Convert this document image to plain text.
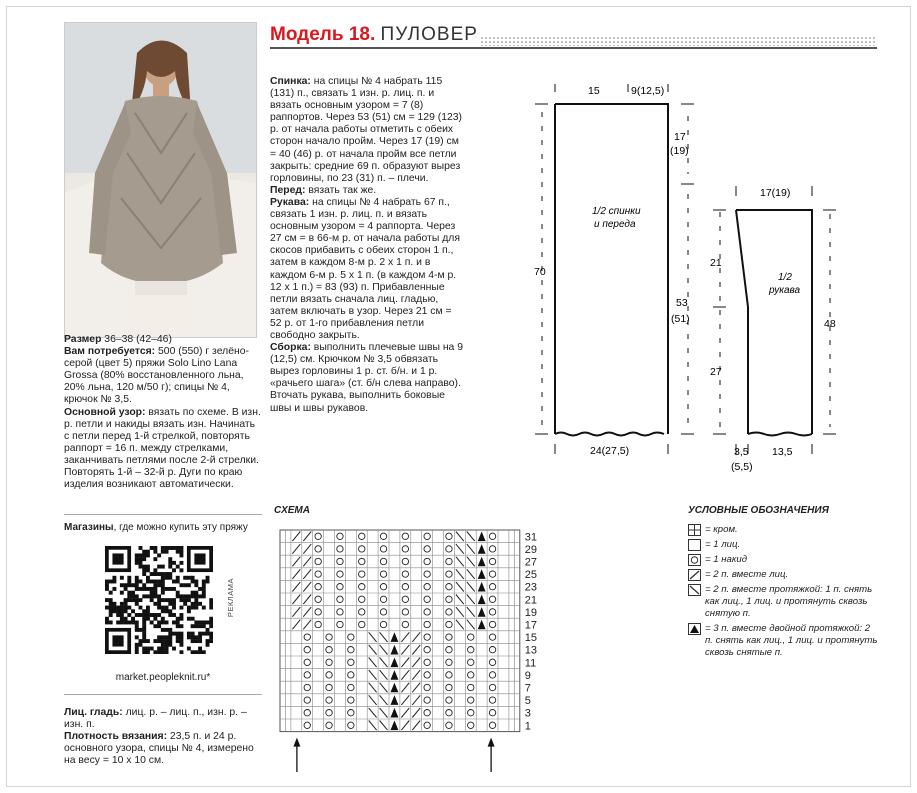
Модель 18. ПУЛОВЕР

Размер 36–38 (42–46)

Вам потребуется: 500 (550) г зелёно-серой (цвет 5) пряжи Solo Lino Lana Grossa (80% восстановленного льна, 20% льна, 120 м/50 г); спицы № 4, крючок № 3,5.

Основной узор: вязать по схеме. В изн. р. петли и накиды вязать изн. Начинать с петли перед 1-й стрелкой, повторять раппорт = 16 п. между стрелками, заканчивать петлями после 2-й стрелки. Повторять 1-й – 32-й р. Дуги по краю изделия возникают автоматически.

Магазины, где можно купить эту пряжу
РЕКЛАМА
market.peopleknit.ru*

Лиц. гладь: лиц. р. – лиц. п., изн. р. – изн. п.

Плотность вязания: 23,5 п. и 24 р. основного узора, спицы № 4, измерено на весу = 10 х 10 см.

Спинка: на спицы № 4 набрать 115 (131) п., связать 1 изн. р. лиц. п. и вязать основным узором = 7 (8) раппортов. Через 53 (51) см = 129 (123) р. от начала работы отметить с обеих сторон начало пройм. Через 17 (19) см = 40 (46) р. от начала пройм все петли закрыть: средние 69 п. образуют вырез горловины, по 23 (31) п. – плечи.

Перед: вязать так же.

Рукава: на спицы № 4 набрать 67 п., связать 1 изн. р. лиц. п. и вязать основным узором = 4 раппорта. Через 27 см = в 66-м р. от начала работы для скосов прибавить с обеих сторон 1 п., затем в каждом 8-м р. 2 х 1 п. и в каждом 6-м р. 5 х 1 п. (в каждом 4-м р. 12 х 1 п.) = 83 (93) п. Прибавленные петли вязать сначала лиц. гладью, затем включать в узор. Через 21 см = 52 р. от 1-го прибавления петли свободно закрыть.

Сборка: выполнить плечевые швы на 9 (12,5) см. Крючком № 3,5 обвязать вырез горловины 1 р. ст. б/н. и 1 р. «рачьего шага» (ст. б/н слева направо). Вточать рукава, выполнить боковые швы и швы рукавов.

15	9(12,5)
17
(19)
70
53
(51)
24(27,5)
1/2 спинки
и переда
17(19)
21
27
48
3,5
(5,5)
13,5
1/2
рукава
СХЕМА
31
29
27
25
23
21
19
17
15
13
11
9
7
5
3
1
УСЛОВНЫЕ ОБОЗНАЧЕНИЯ
= кром.
= 1 лиц.
= 1 накид
= 2 п. вместе лиц.
= 2 п. вместе протяжкой: 1 п. снять как лиц., 1 лиц. и протянуть сквозь снятую п.
= 3 п. вместе двойной протяжкой: 2 п. снять как лиц., 1 лиц. и протянуть сквозь снятые п.
